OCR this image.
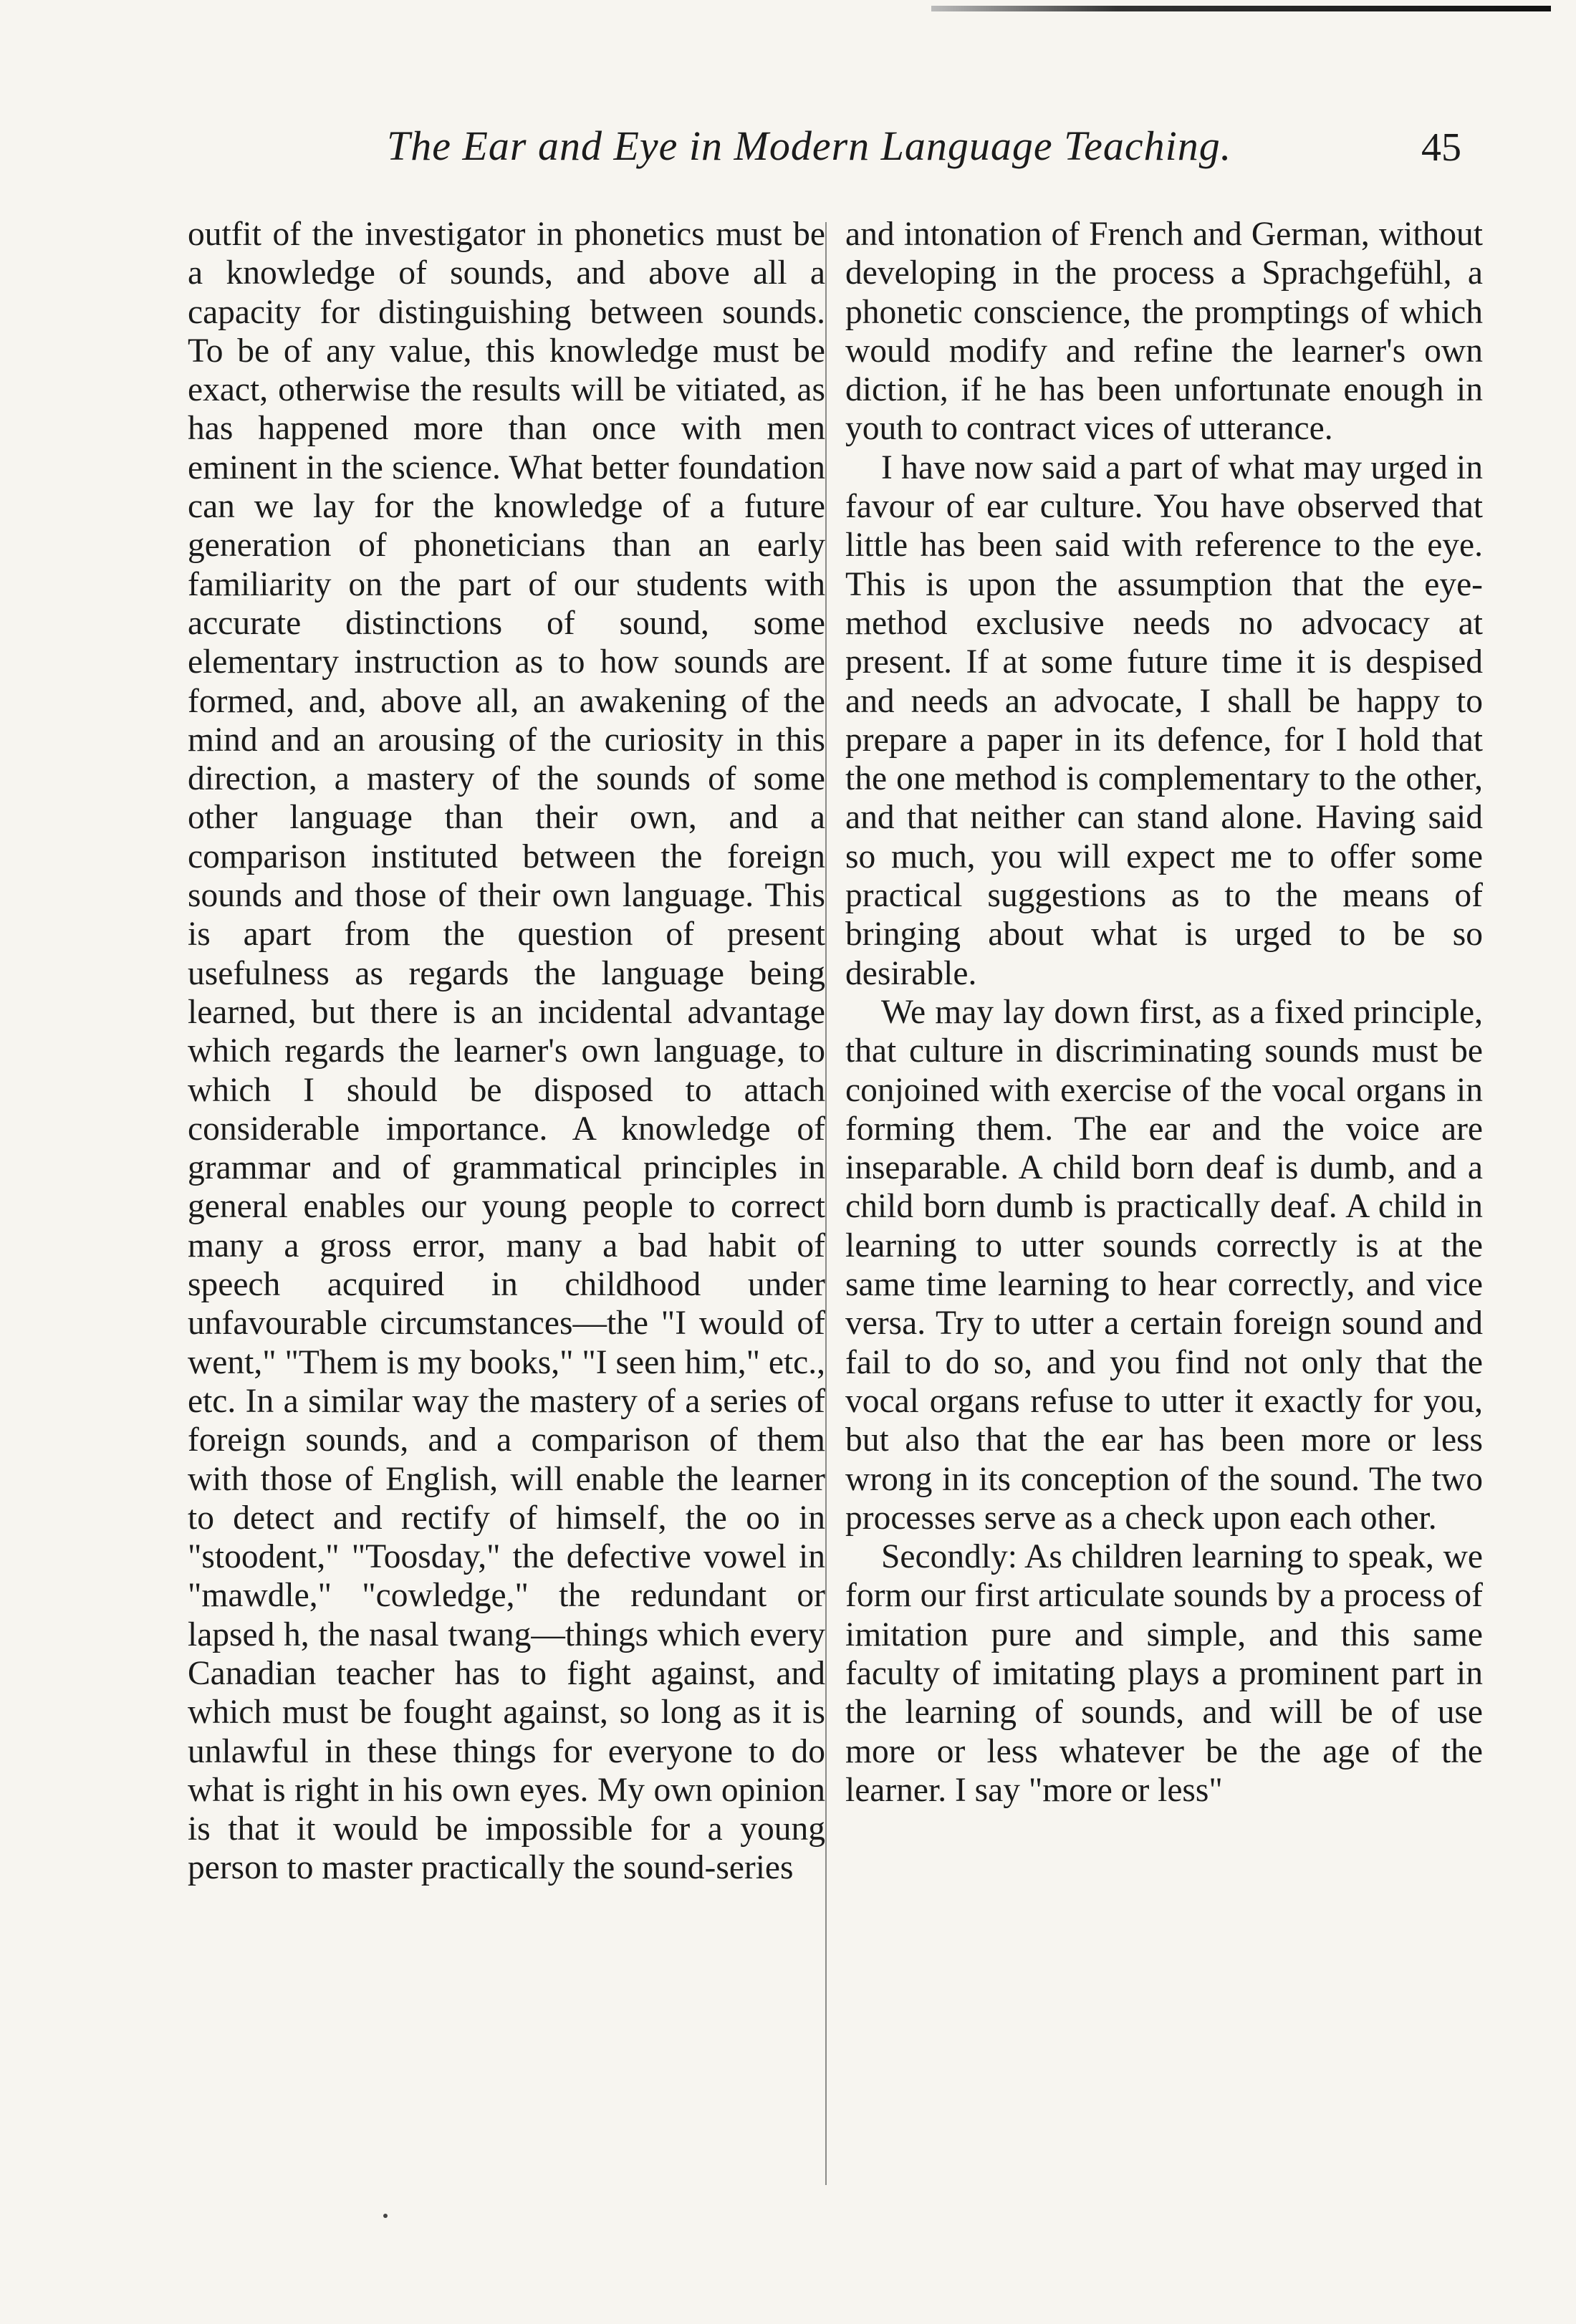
The Ear and Eye in Modern Language Teaching.	45

outfit of the investigator in phonetics must be a knowledge of sounds, and above all a capacity for distinguishing between sounds. To be of any value, this knowledge must be exact, otherwise the results will be vitiated, as has happened more than once with men eminent in the science. What better foundation can we lay for the knowledge of a future generation of phoneticians than an early familiarity on the part of our students with accurate distinctions of sound, some elementary instruction as to how sounds are formed, and, above all, an awakening of the mind and an arousing of the curiosity in this direction, a mastery of the sounds of some other language than their own, and a comparison instituted between the foreign sounds and those of their own language. This is apart from the question of present usefulness as regards the language being learned, but there is an incidental advantage which regards the learner's own language, to which I should be disposed to attach considerable importance. A knowledge of grammar and of grammatical principles in general enables our young people to correct many a gross error, many a bad habit of speech acquired in childhood under unfavourable circumstances—the "I would of went," "Them is my books," "I seen him," etc., etc. In a similar way the mastery of a series of foreign sounds, and a comparison of them with those of English, will enable the learner to detect and rectify of himself, the oo in "stoodent," "Toosday," the defective vowel in "mawdle," "cowledge," the redundant or lapsed h, the nasal twang—things which every Canadian teacher has to fight against, and which must be fought against, so long as it is unlawful in these things for everyone to do what is right in his own eyes. My own opinion is that it would be impossible for a young person to master practically the sound-series

and intonation of French and German, without developing in the process a Sprachgefühl, a phonetic conscience, the promptings of which would modify and refine the learner's own diction, if he has been unfortunate enough in youth to contract vices of utterance.

I have now said a part of what may urged in favour of ear culture. You have observed that little has been said with reference to the eye. This is upon the assumption that the eye-method exclusive needs no advocacy at present. If at some future time it is despised and needs an advocate, I shall be happy to prepare a paper in its defence, for I hold that the one method is complementary to the other, and that neither can stand alone. Having said so much, you will expect me to offer some practical suggestions as to the means of bringing about what is urged to be so desirable.

We may lay down first, as a fixed principle, that culture in discriminating sounds must be conjoined with exercise of the vocal organs in forming them. The ear and the voice are inseparable. A child born deaf is dumb, and a child born dumb is practically deaf. A child in learning to utter sounds correctly is at the same time learning to hear correctly, and vice versa. Try to utter a certain foreign sound and fail to do so, and you find not only that the vocal organs refuse to utter it exactly for you, but also that the ear has been more or less wrong in its conception of the sound. The two processes serve as a check upon each other.

Secondly: As children learning to speak, we form our first articulate sounds by a process of imitation pure and simple, and this same faculty of imitating plays a prominent part in the learning of sounds, and will be of use more or less whatever be the age of the learner. I say "more or less"
